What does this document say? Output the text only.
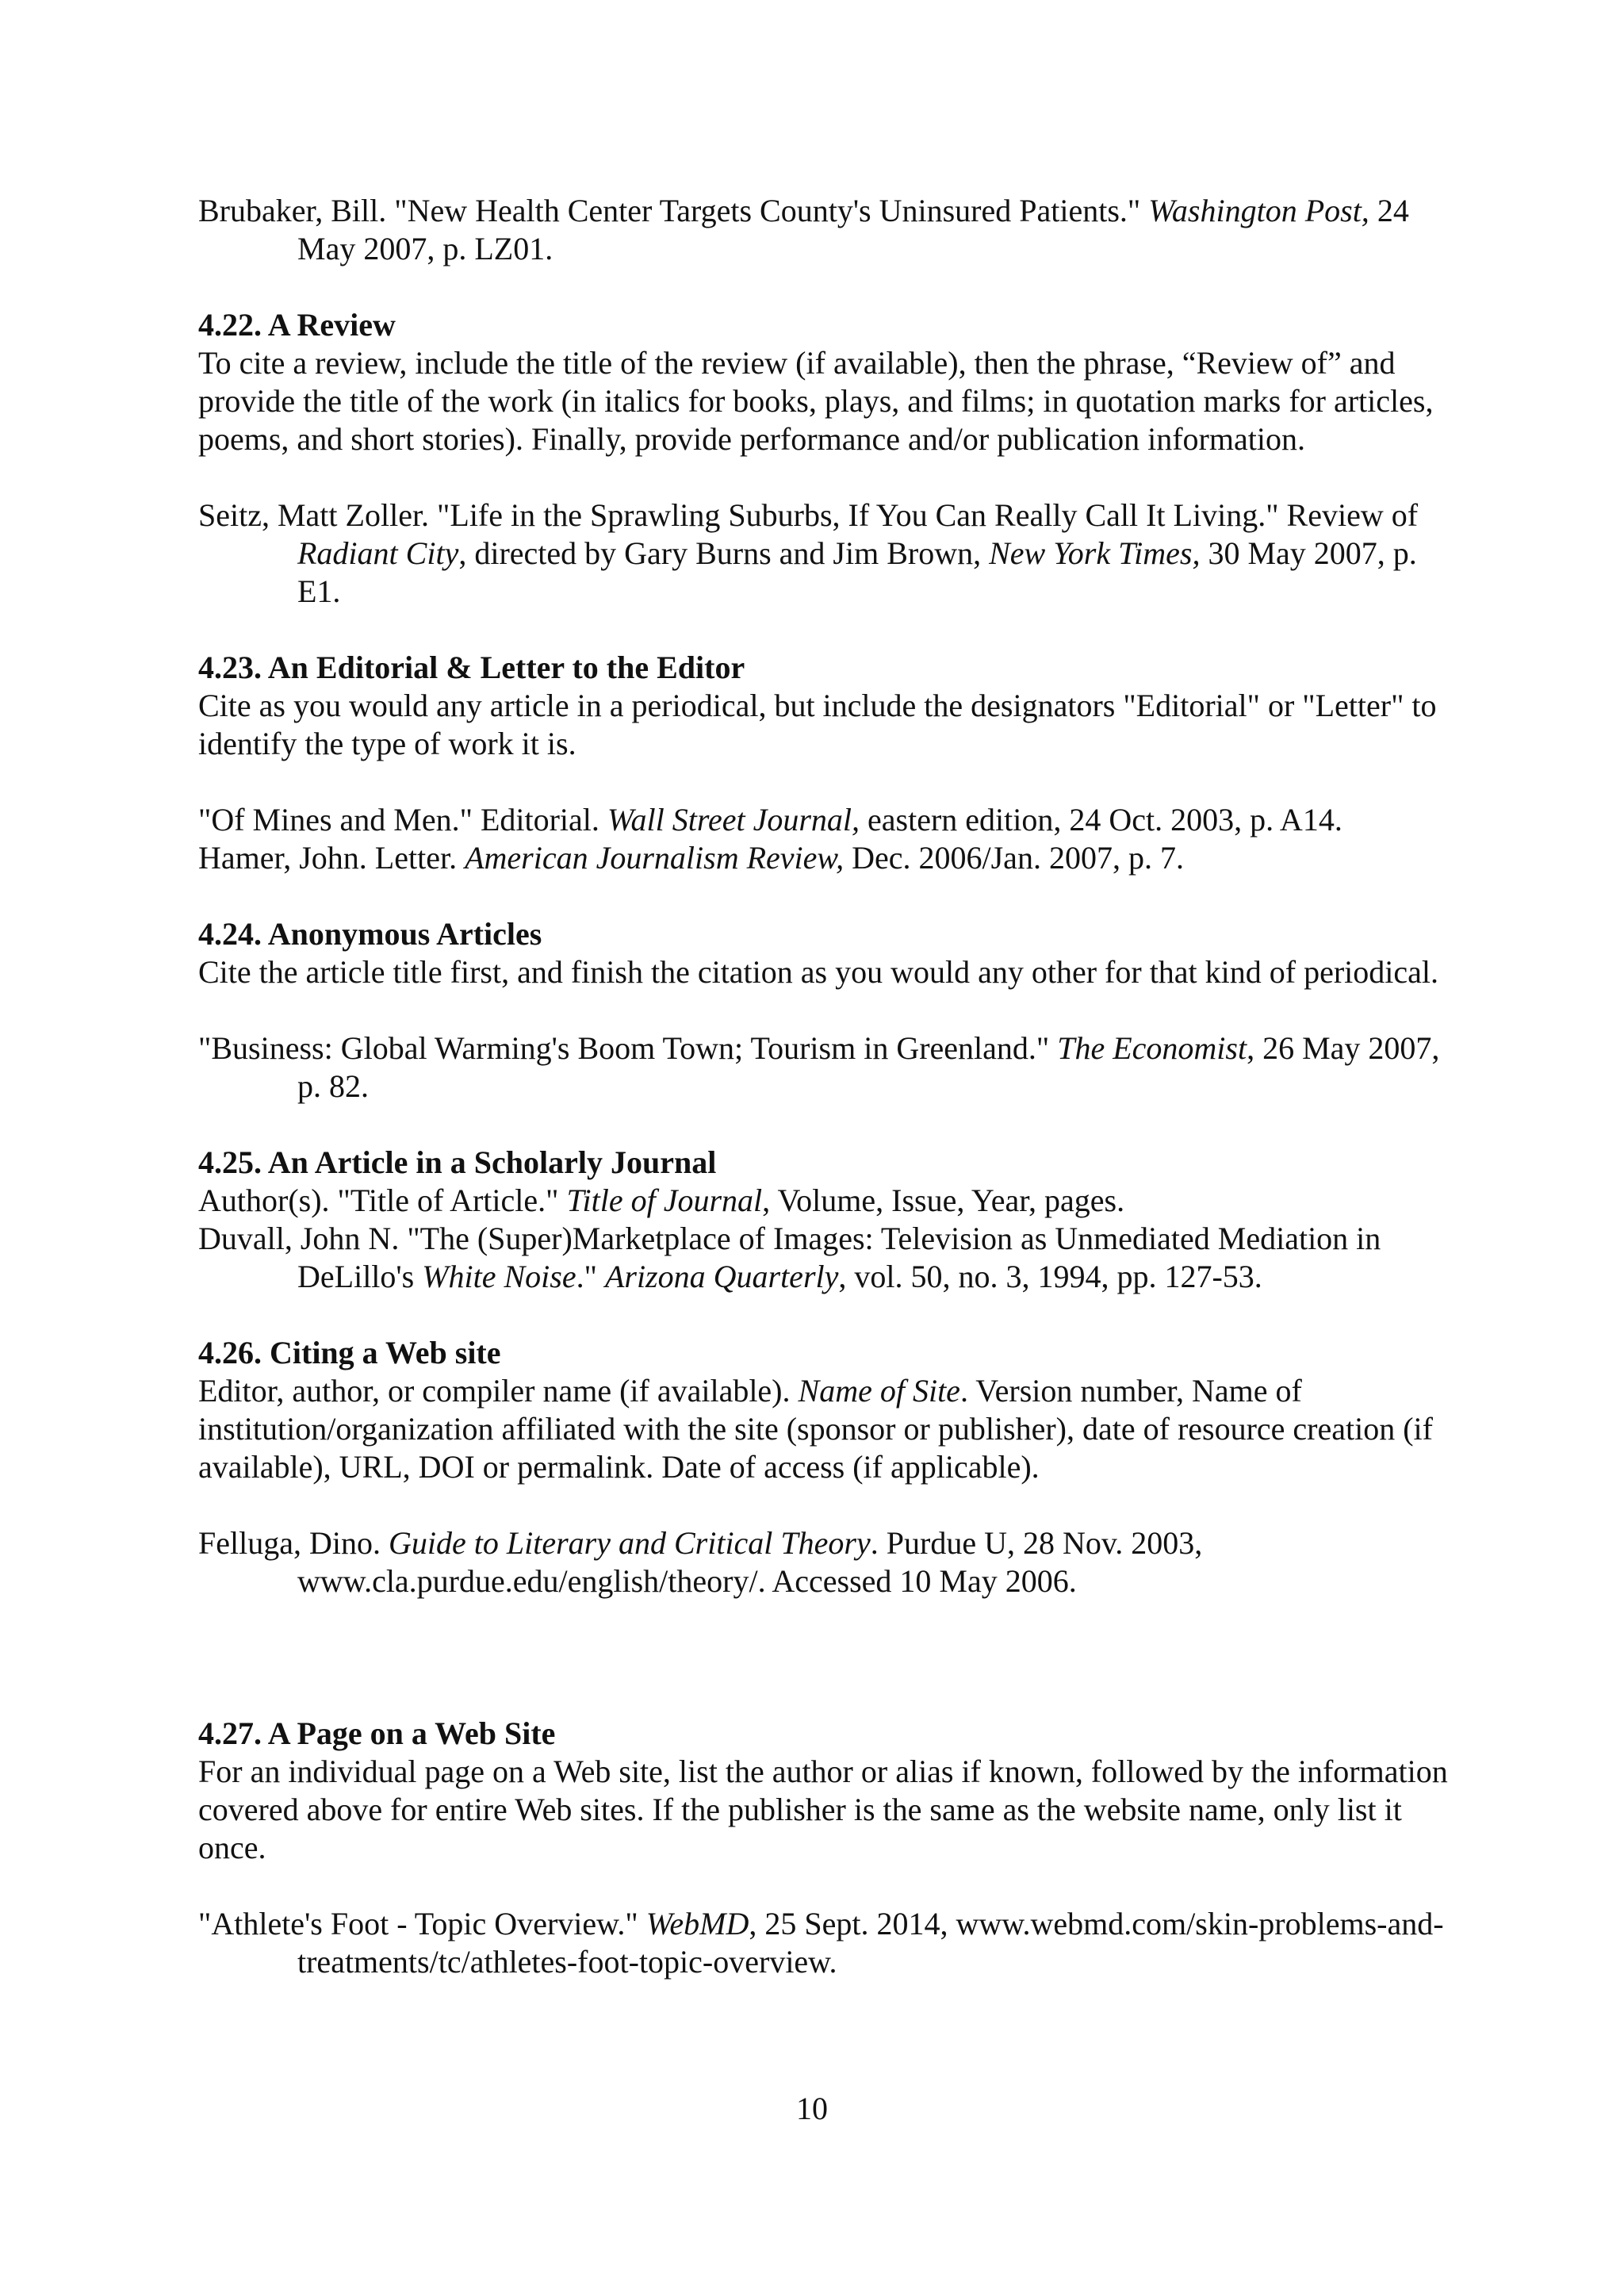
Brubaker, Bill. "New Health Center Targets County's Uninsured Patients." Washington Post, 24 May 2007, p. LZ01.

4.22. A Review

To cite a review, include the title of the review (if available), then the phrase, “Review of” and provide the title of the work (in italics for books, plays, and films; in quotation marks for articles, poems, and short stories). Finally, provide performance and/or publication information.

Seitz, Matt Zoller. "Life in the Sprawling Suburbs, If You Can Really Call It Living." Review of Radiant City, directed by Gary Burns and Jim Brown, New York Times, 30 May 2007, p. E1.

4.23. An Editorial & Letter to the Editor

Cite as you would any article in a periodical, but include the designators "Editorial" or "Letter" to identify the type of work it is.

"Of Mines and Men." Editorial. Wall Street Journal, eastern edition, 24 Oct. 2003, p. A14.

Hamer, John. Letter. American Journalism Review, Dec. 2006/Jan. 2007, p. 7.

4.24. Anonymous Articles

Cite the article title first, and finish the citation as you would any other for that kind of periodical.

"Business: Global Warming's Boom Town; Tourism in Greenland." The Economist, 26 May 2007, p. 82.

4.25. An Article in a Scholarly Journal

Author(s). "Title of Article." Title of Journal, Volume, Issue, Year, pages.

Duvall, John N. "The (Super)Marketplace of Images: Television as Unmediated Mediation in DeLillo's White Noise." Arizona Quarterly, vol. 50, no. 3, 1994, pp. 127-53.

4.26. Citing a Web site

Editor, author, or compiler name (if available). Name of Site. Version number, Name of institution/organization affiliated with the site (sponsor or publisher), date of resource creation (if available), URL, DOI or permalink. Date of access (if applicable).

Felluga, Dino. Guide to Literary and Critical Theory. Purdue U, 28 Nov. 2003, www.cla.purdue.edu/english/theory/. Accessed 10 May 2006.

4.27. A Page on a Web Site

For an individual page on a Web site, list the author or alias if known, followed by the information covered above for entire Web sites. If the publisher is the same as the website name, only list it once.

"Athlete's Foot - Topic Overview." WebMD, 25 Sept. 2014, www.webmd.com/skin-problems-and-treatments/tc/athletes-foot-topic-overview.

10
